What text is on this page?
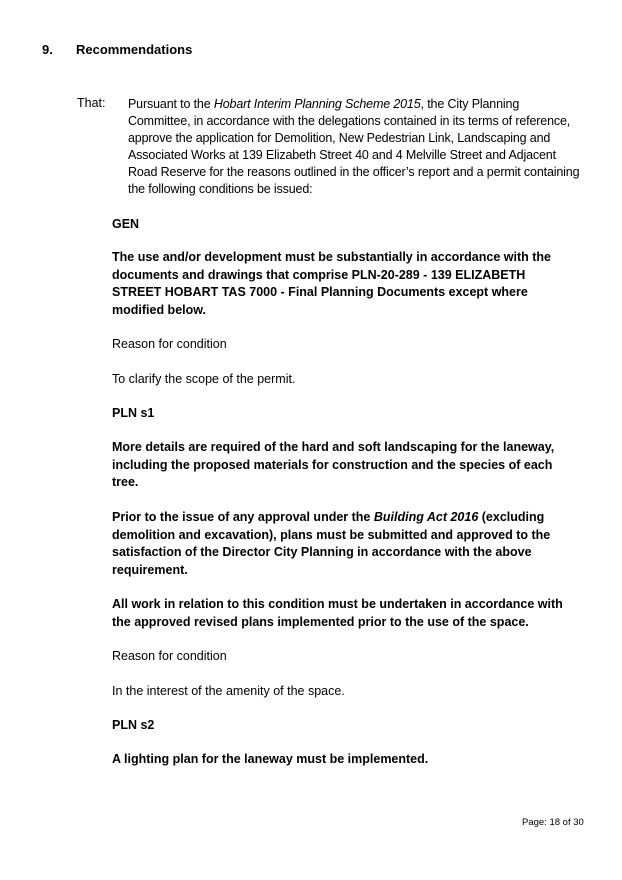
9. Recommendations
That: Pursuant to the Hobart Interim Planning Scheme 2015, the City Planning Committee, in accordance with the delegations contained in its terms of reference, approve the application for Demolition, New Pedestrian Link, Landscaping and Associated Works at 139 Elizabeth Street 40 and 4 Melville Street and Adjacent Road Reserve for the reasons outlined in the officer’s report and a permit containing the following conditions be issued:
GEN
The use and/or development must be substantially in accordance with the documents and drawings that comprise PLN-20-289 - 139 ELIZABETH STREET HOBART TAS 7000 - Final Planning Documents except where modified below.
Reason for condition
To clarify the scope of the permit.
PLN s1
More details are required of the hard and soft landscaping for the laneway, including the proposed materials for construction and the species of each tree.
Prior to the issue of any approval under the Building Act 2016 (excluding demolition and excavation), plans must be submitted and approved to the satisfaction of the Director City Planning in accordance with the above requirement.
All work in relation to this condition must be undertaken in accordance with the approved revised plans implemented prior to the use of the space.
Reason for condition
In the interest of the amenity of the space.
PLN s2
A lighting plan for the laneway must be implemented.
Page: 18 of 30
